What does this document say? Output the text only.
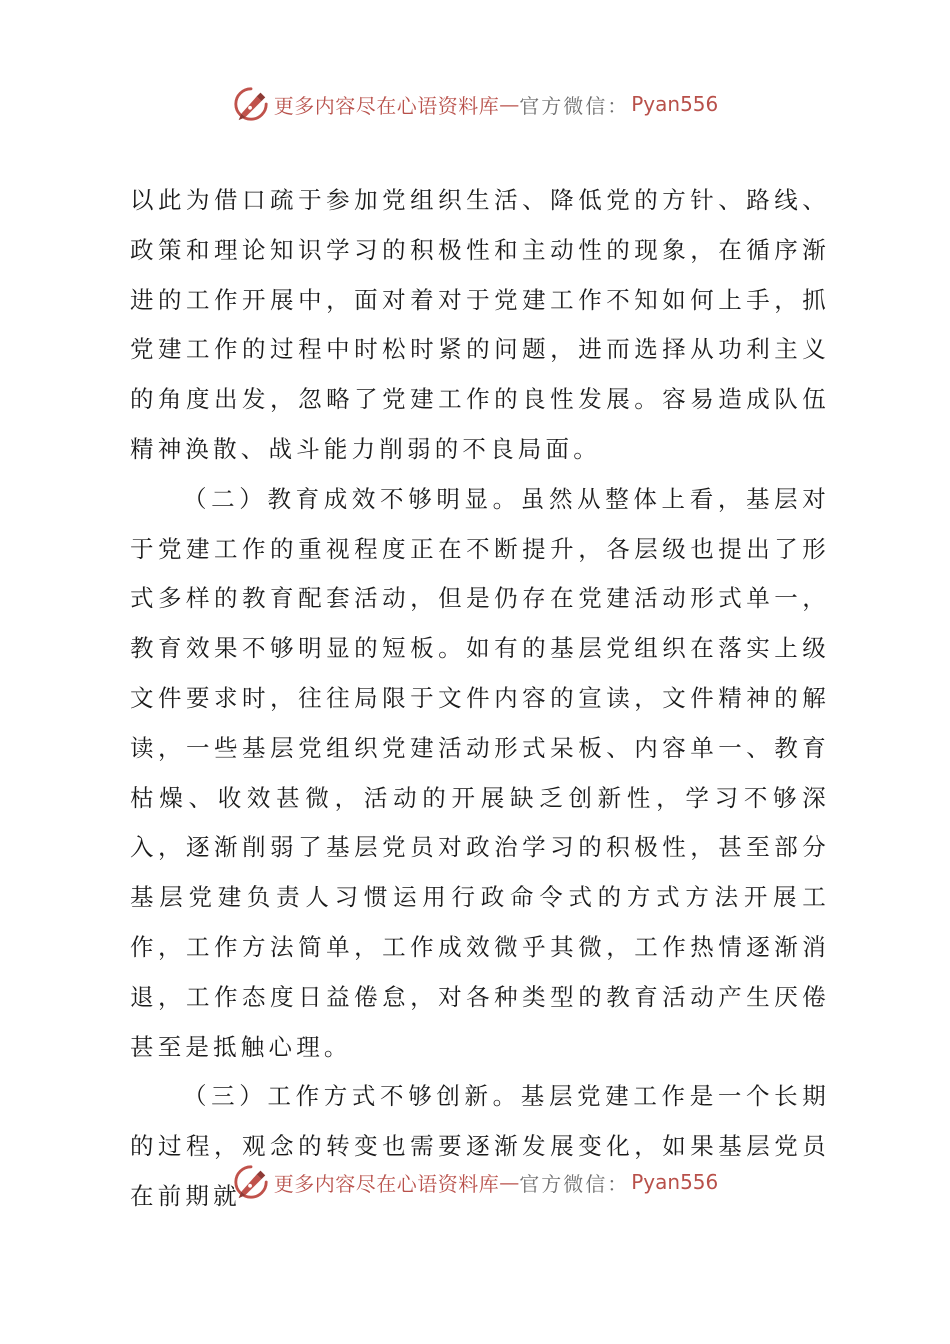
更多内容尽在心语资料库 — 官方微信： Pyan556

以此为借口疏于参加党组织生活、降低党的方针、路线、政策和理论知识学习的积极性和主动性的现象，在循序渐进的工作开展中，面对着对于党建工作不知如何上手，抓党建工作的过程中时松时紧的问题，进而选择从功利主义的角度出发，忽略了党建工作的良性发展。容易造成队伍精神涣散、战斗能力削弱的不良局面。

（二）教育成效不够明显。虽然从整体上看，基层对于党建工作的重视程度正在不断提升，各层级也提出了形式多样的教育配套活动，但是仍存在党建活动形式单一，教育效果不够明显的短板。如有的基层党组织在落实上级文件要求时，往往局限于文件内容的宣读，文件精神的解读，一些基层党组织党建活动形式呆板、内容单一、教育枯燥、收效甚微，活动的开展缺乏创新性，学习不够深入，逐渐削弱了基层党员对政治学习的积极性，甚至部分基层党建负责人习惯运用行政命令式的方式方法开展工作，工作方法简单，工作成效微乎其微，工作热情逐渐消退，工作态度日益倦怠，对各种类型的教育活动产生厌倦甚至是抵触心理。

（三）工作方式不够创新。基层党建工作是一个长期的过程，观念的转变也需要逐渐发展变化，如果基层党员在前期就	更多内容尽在心语资料库 — 官方微信： Pyan556
